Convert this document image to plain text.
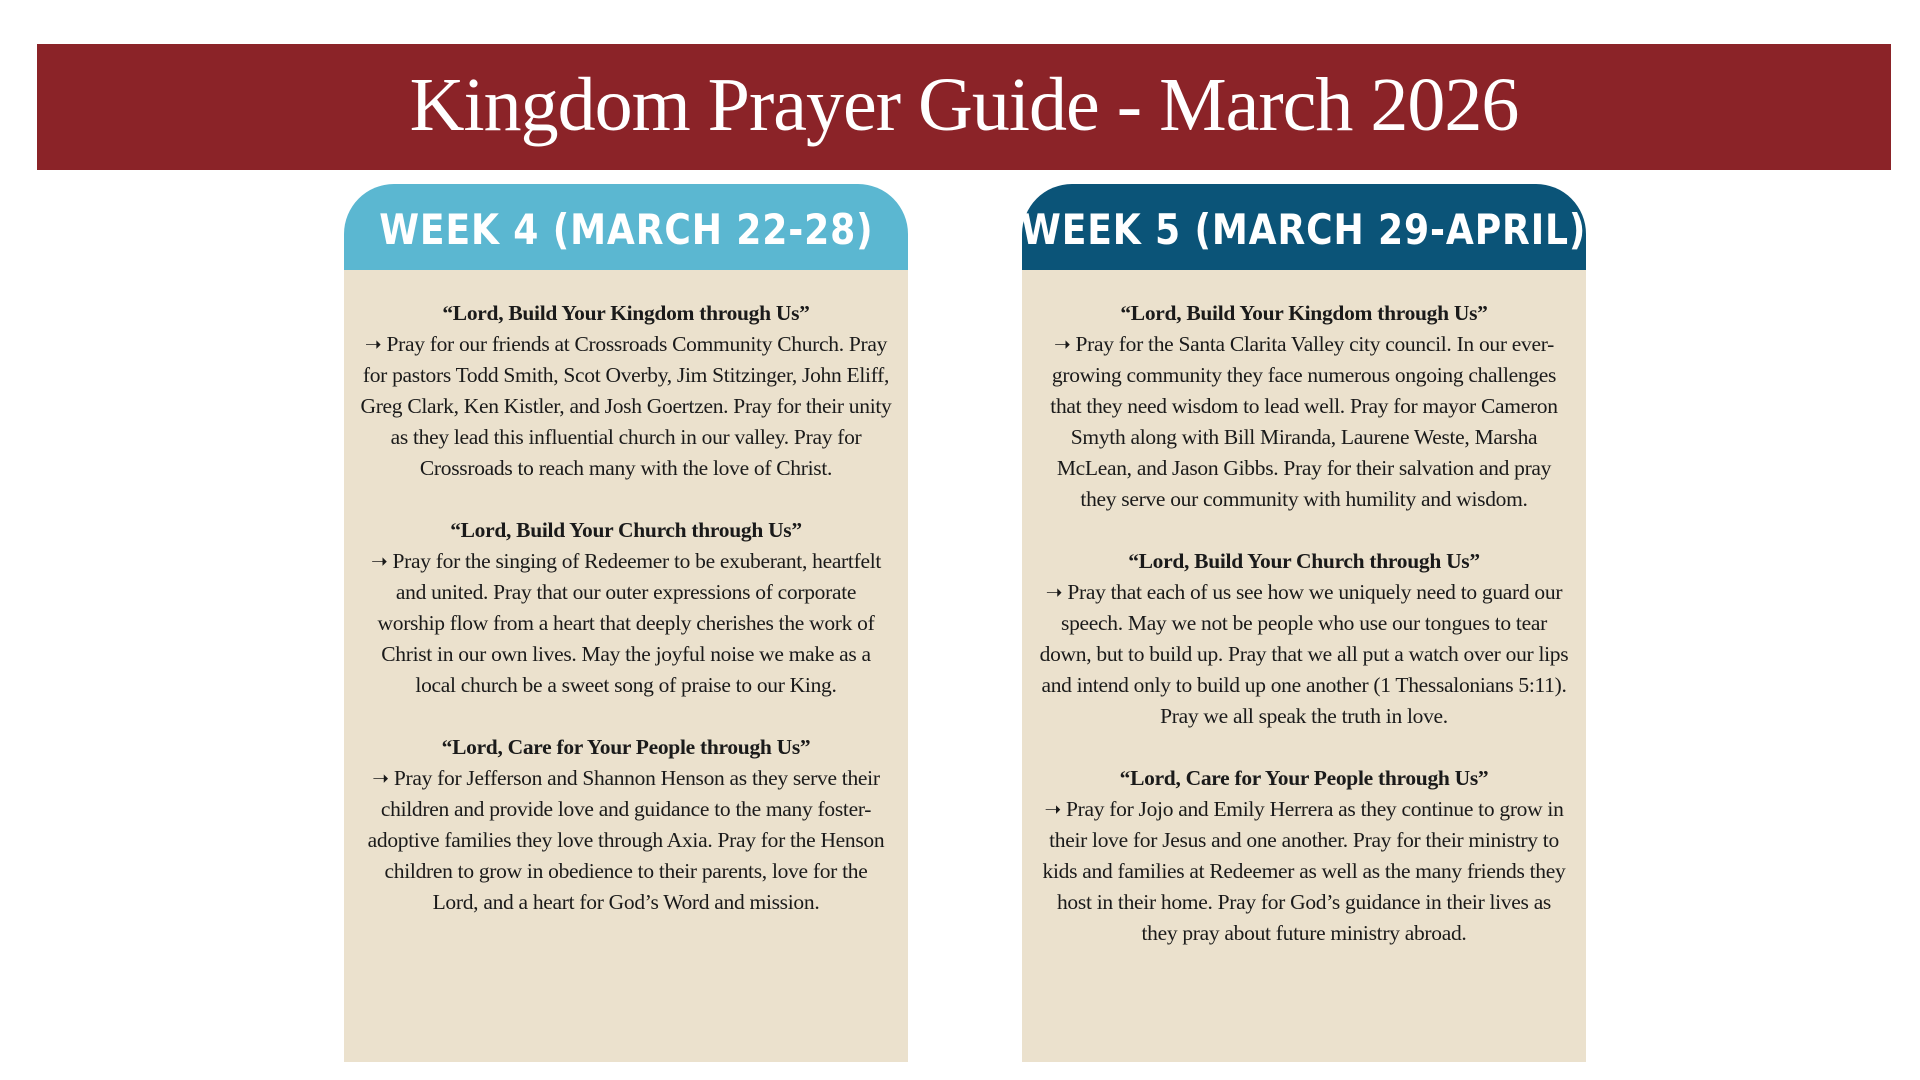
Kingdom Prayer Guide - March 2026
WEEK 4 (MARCH 22-28)
“Lord, Build Your Kingdom through Us”
➝ Pray for our friends at Crossroads Community Church. Pray for pastors Todd Smith, Scot Overby, Jim Stitzinger, John Eliff, Greg Clark, Ken Kistler, and Josh Goertzen. Pray for their unity as they lead this influential church in our valley. Pray for Crossroads to reach many with the love of Christ.
“Lord, Build Your Church through Us”
➝ Pray for the singing of Redeemer to be exuberant, heartfelt and united. Pray that our outer expressions of corporate worship flow from a heart that deeply cherishes the work of Christ in our own lives. May the joyful noise we make as a local church be a sweet song of praise to our King.
“Lord, Care for Your People through Us”
➝ Pray for Jefferson and Shannon Henson as they serve their children and provide love and guidance to the many foster-adoptive families they love through Axia. Pray for the Henson children to grow in obedience to their parents, love for the Lord, and a heart for God’s Word and mission.
WEEK 5 (MARCH 29-APRIL)
“Lord, Build Your Kingdom through Us”
➝ Pray for the Santa Clarita Valley city council. In our ever-growing community they face numerous ongoing challenges that they need wisdom to lead well. Pray for mayor Cameron Smyth along with Bill Miranda, Laurene Weste, Marsha McLean, and Jason Gibbs. Pray for their salvation and pray they serve our community with humility and wisdom.
“Lord, Build Your Church through Us”
➝ Pray that each of us see how we uniquely need to guard our speech. May we not be people who use our tongues to tear down, but to build up. Pray that we all put a watch over our lips and intend only to build up one another (1 Thessalonians 5:11). Pray we all speak the truth in love.
“Lord, Care for Your People through Us”
➝ Pray for Jojo and Emily Herrera as they continue to grow in their love for Jesus and one another. Pray for their ministry to kids and families at Redeemer as well as the many friends they host in their home. Pray for God’s guidance in their lives as they pray about future ministry abroad.
